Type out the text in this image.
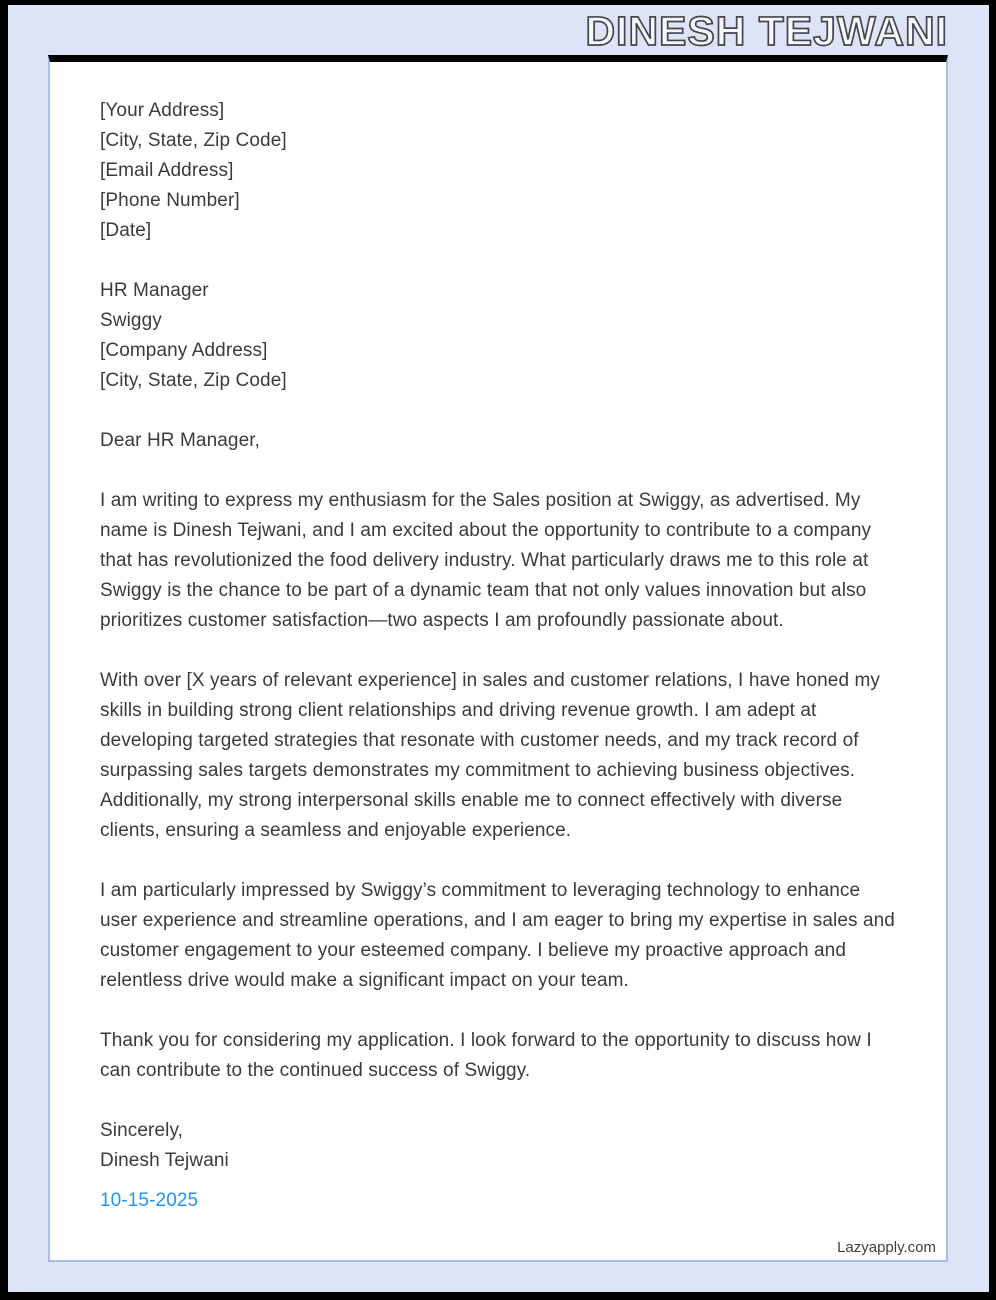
DINESH TEJWANI
[Your Address]
[City, State, Zip Code]
[Email Address]
[Phone Number]
[Date]
HR Manager
Swiggy
[Company Address]
[City, State, Zip Code]
Dear HR Manager,

I am writing to express my enthusiasm for the Sales position at Swiggy, as advertised. My name is Dinesh Tejwani, and I am excited about the opportunity to contribute to a company that has revolutionized the food delivery industry. What particularly draws me to this role at Swiggy is the chance to be part of a dynamic team that not only values innovation but also prioritizes customer satisfaction—two aspects I am profoundly passionate about.

With over [X years of relevant experience] in sales and customer relations, I have honed my skills in building strong client relationships and driving revenue growth. I am adept at developing targeted strategies that resonate with customer needs, and my track record of surpassing sales targets demonstrates my commitment to achieving business objectives. Additionally, my strong interpersonal skills enable me to connect effectively with diverse clients, ensuring a seamless and enjoyable experience.

I am particularly impressed by Swiggy’s commitment to leveraging technology to enhance user experience and streamline operations, and I am eager to bring my expertise in sales and customer engagement to your esteemed company. I believe my proactive approach and relentless drive would make a significant impact on your team.

Thank you for considering my application. I look forward to the opportunity to discuss how I can contribute to the continued success of Swiggy.

Sincerely,
Dinesh Tejwani
10-15-2025
Lazyapply.com
